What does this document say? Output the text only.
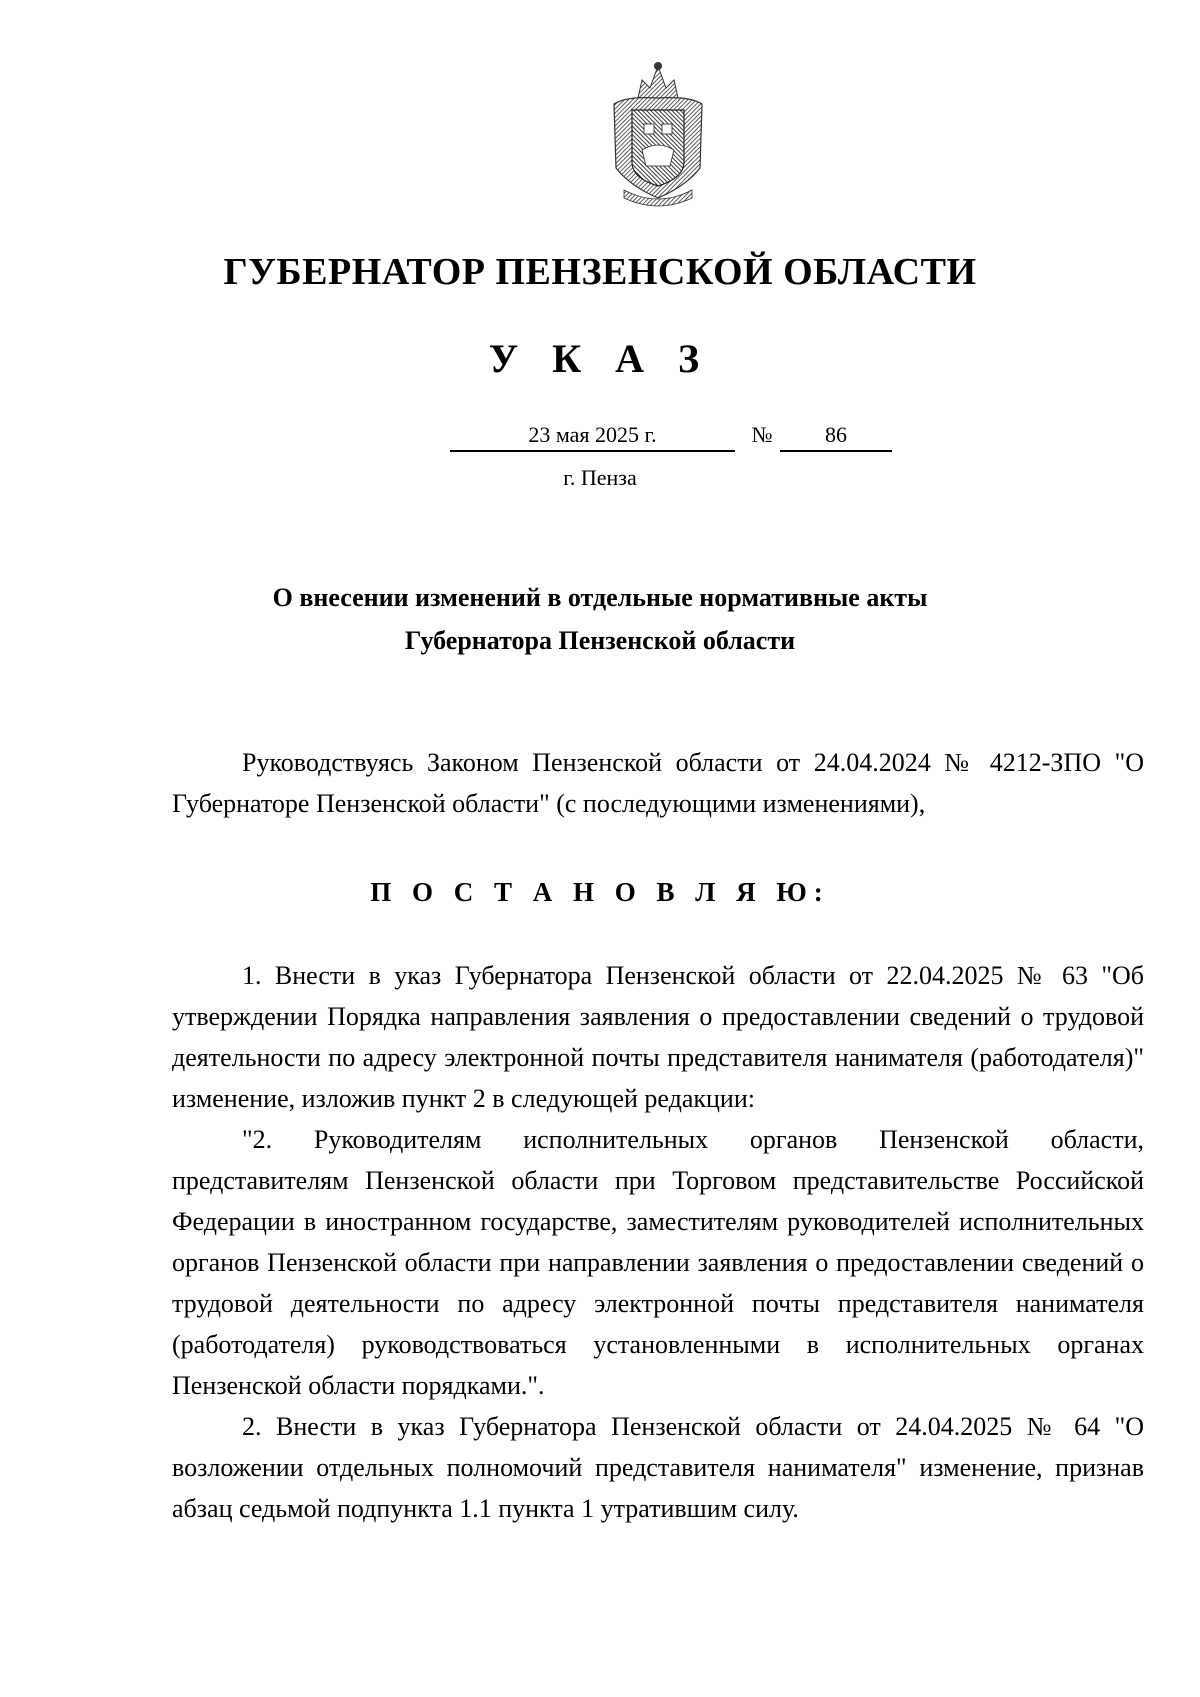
ГУБЕРНАТОР ПЕНЗЕНСКОЙ ОБЛАСТИ
У К А З
23 мая 2025 г.	№	86
г. Пенза
О внесении изменений в отдельные нормативные акты
Губернатора Пензенской области

Руководствуясь Законом Пензенской области от 24.04.2024 № 4212-ЗПО "О Губернаторе Пензенской области" (с последующими изменениями),

П О С Т А Н О В Л Я Ю:

1. Внести в указ Губернатора Пензенской области от 22.04.2025 № 63 "Об утверждении Порядка направления заявления о предоставлении сведений о трудовой деятельности по адресу электронной почты представителя нанимателя (работодателя)" изменение, изложив пункт 2 в следующей редакции:

"2. Руководителям исполнительных органов Пензенской области, представителям Пензенской области при Торговом представительстве Российской Федерации в иностранном государстве, заместителям руководителей исполнительных органов Пензенской области при направлении заявления о предоставлении сведений о трудовой деятельности по адресу электронной почты представителя нанимателя (работодателя) руководствоваться установленными в исполнительных органах Пензенской области порядками.".

2. Внести в указ Губернатора Пензенской области от 24.04.2025 № 64 "О возложении отдельных полномочий представителя нанимателя" изменение, признав абзац седьмой подпункта 1.1 пункта 1 утратившим силу.
